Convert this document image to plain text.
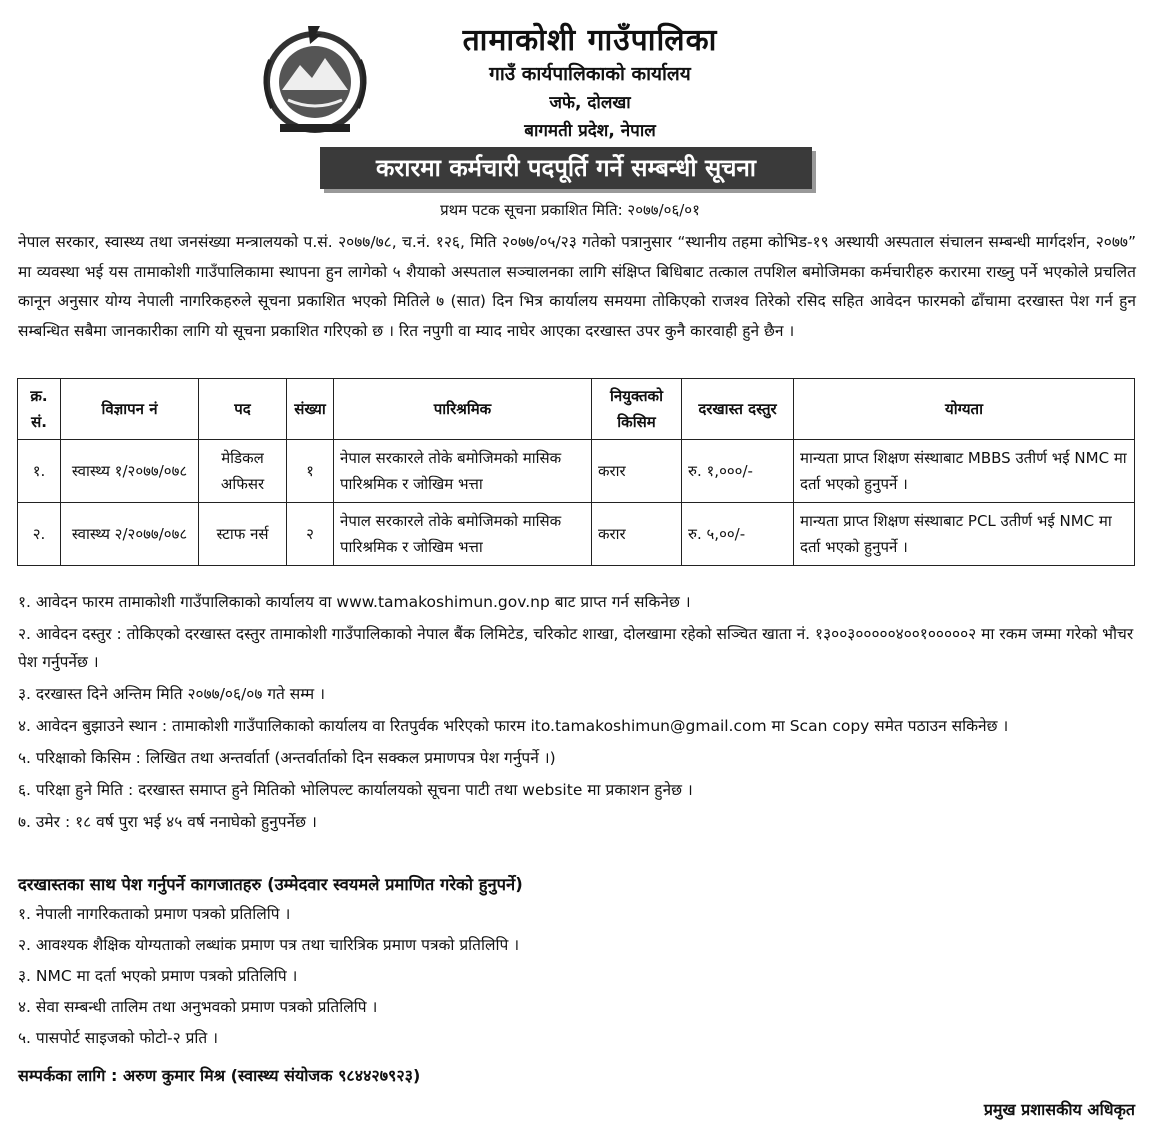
तामाकोशी गाउँपालिका
गाउँ कार्यपालिकाको कार्यालय
जफे, दोलखा
बागमती प्रदेश, नेपाल
करारमा कर्मचारी पदपूर्ति गर्ने सम्बन्धी सूचना
प्रथम पटक सूचना प्रकाशित मिति: २०७७/०६/०१
नेपाल सरकार, स्वास्थ्य तथा जनसंख्या मन्त्रालयको प.सं. २०७७/७८, च.नं. १२६, मिति २०७७/०५/२३ गतेको पत्रानुसार “स्थानीय तहमा कोभिड-१९ अस्थायी अस्पताल संचालन सम्बन्धी मार्गदर्शन, २०७७” मा व्यवस्था भई यस तामाकोशी गाउँपालिकामा स्थापना हुन लागेको ५ शैयाको अस्पताल सञ्चालनका लागि संक्षिप्त बिधिबाट तत्काल तपशिल बमोजिमका कर्मचारीहरु करारमा राख्नु पर्ने भएकोले प्रचलित कानून अनुसार योग्य नेपाली नागरिकहरुले सूचना प्रकाशित भएको मितिले ७ (सात) दिन भित्र कार्यालय समयमा तोकिएको राजश्व तिरेको रसिद सहित आवेदन फारमको ढाँचामा दरखास्त पेश गर्न हुन सम्बन्धित सबैमा जानकारीका लागि यो सूचना प्रकाशित गरिएको छ । रित नपुगी वा म्याद नाघेर आएका दरखास्त उपर कुनै कारवाही हुने छैन ।
क्र. सं.	विज्ञापन नं	पद	संख्या	पारिश्रमिक	नियुक्तको किसिम	दरखास्त दस्तुर	योग्यता
१.	स्वास्थ्य १/२०७७/०७८	मेडिकल अफिसर	१	नेपाल सरकारले तोके बमोजिमको मासिक पारिश्रमिक र जोखिम भत्ता	करार	रु. १,०००/-	मान्यता प्राप्त शिक्षण संस्थाबाट MBBS उतीर्ण भई NMC मा दर्ता भएको हुनुपर्ने ।
२.	स्वास्थ्य २/२०७७/०७८	स्टाफ नर्स	२	नेपाल सरकारले तोके बमोजिमको मासिक पारिश्रमिक र जोखिम भत्ता	करार	रु. ५,००/-	मान्यता प्राप्त शिक्षण संस्थाबाट PCL उतीर्ण भई NMC मा दर्ता भएको हुनुपर्ने ।
१. आवेदन फारम तामाकोशी गाउँपालिकाको कार्यालय वा www.tamakoshimun.gov.np बाट प्राप्त गर्न सकिनेछ ।
२. आवेदन दस्तुर : तोकिएको दरखास्त दस्तुर तामाकोशी गाउँपालिकाको नेपाल बैंक लिमिटेड, चरिकोट शाखा, दोलखामा रहेको सञ्चित खाता नं. १३००३०००००४००१०००००२ मा रकम जम्मा गरेको भौचर पेश गर्नुपर्नेछ ।
३. दरखास्त दिने अन्तिम मिति २०७७/०६/०७ गते सम्म ।
४. आवेदन बुझाउने स्थान : तामाकोशी गाउँपालिकाको कार्यालय वा रितपुर्वक भरिएको फारम ito.tamakoshimun@gmail.com मा Scan copy समेत पठाउन सकिनेछ ।
५. परिक्षाको किसिम : लिखित तथा अन्तर्वार्ता (अन्तर्वार्ताको दिन सक्कल प्रमाणपत्र पेश गर्नुपर्ने ।)
६. परिक्षा हुने मिति : दरखास्त समाप्त हुने मितिको भोलिपल्ट कार्यालयको सूचना पाटी तथा website मा प्रकाशन हुनेछ ।
७. उमेर : १८ वर्ष पुरा भई ४५ वर्ष ननाघेको हुनुपर्नेछ ।
दरखास्तका साथ पेश गर्नुपर्ने कागजातहरु (उम्मेदवार स्वयमले प्रमाणित गरेको हुनुपर्ने)
१. नेपाली नागरिकताको प्रमाण पत्रको प्रतिलिपि ।
२. आवश्यक शैक्षिक योग्यताको लब्धांक प्रमाण पत्र तथा चारित्रिक प्रमाण पत्रको प्रतिलिपि ।
३. NMC मा दर्ता भएको प्रमाण पत्रको प्रतिलिपि ।
४. सेवा सम्बन्धी तालिम तथा अनुभवको प्रमाण पत्रको प्रतिलिपि ।
५. पासपोर्ट साइजको फोटो-२ प्रति ।
सम्पर्कका लागि : अरुण कुमार मिश्र (स्वास्थ्य संयोजक ९८४४२७९२३)
प्रमुख प्रशासकीय अधिकृत
